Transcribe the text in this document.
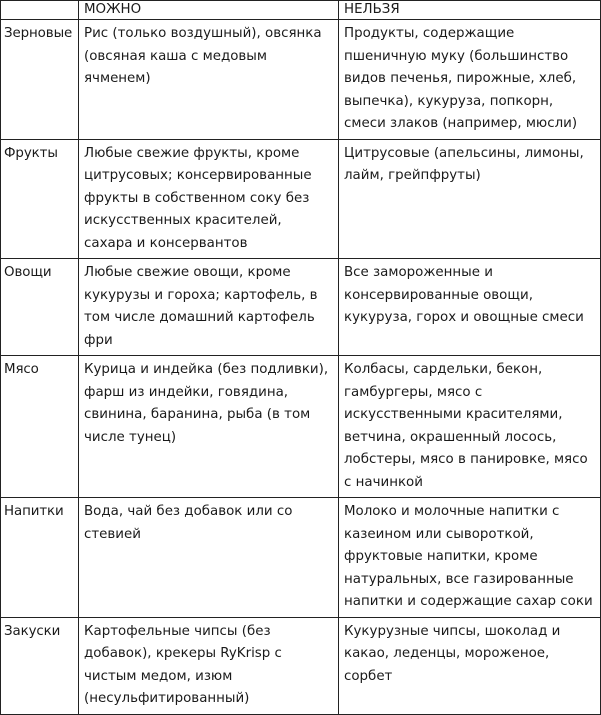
	МОЖНО	НЕЛЬЗЯ
Зерновые	Рис (только воздушный), овсянка (овсяная каша с медовым ячменем)	Продукты, содержащие пшеничную муку (большинство видов печенья, пирожные, хлеб, выпечка), кукуруза, попкорн, смеси злаков (например, мюсли)
Фрукты	Любые свежие фрукты, кроме цитрусовых; консервированные фрукты в собственном соку без искусственных красителей, сахара и консервантов	Цитрусовые (апельсины, лимоны, лайм, грейпфруты)
Овощи	Любые свежие овощи, кроме кукурузы и гороха; картофель, в том числе домашний картофель фри	Все замороженные и консервированные овощи, кукуруза, горох и овощные смеси
Мясо	Курица и индейка (без подливки), фарш из индейки, говядина, свинина, баранина, рыба (в том числе тунец)	Колбасы, сардельки, бекон, гамбургеры, мясо с искусственными красителями, ветчина, окрашенный лосось, лобстеры, мясо в панировке, мясо с начинкой
Напитки	Вода, чай без добавок или со стевией	Молоко и молочные напитки с казеином или сывороткой, фруктовые напитки, кроме натуральных, все газированные напитки и содержащие сахар соки
Закуски	Картофельные чипсы (без добавок), крекеры RyKrisp с чистым медом, изюм (несульфитированный)	Кукурузные чипсы, шоколад и какао, леденцы, мороженое, сорбет
